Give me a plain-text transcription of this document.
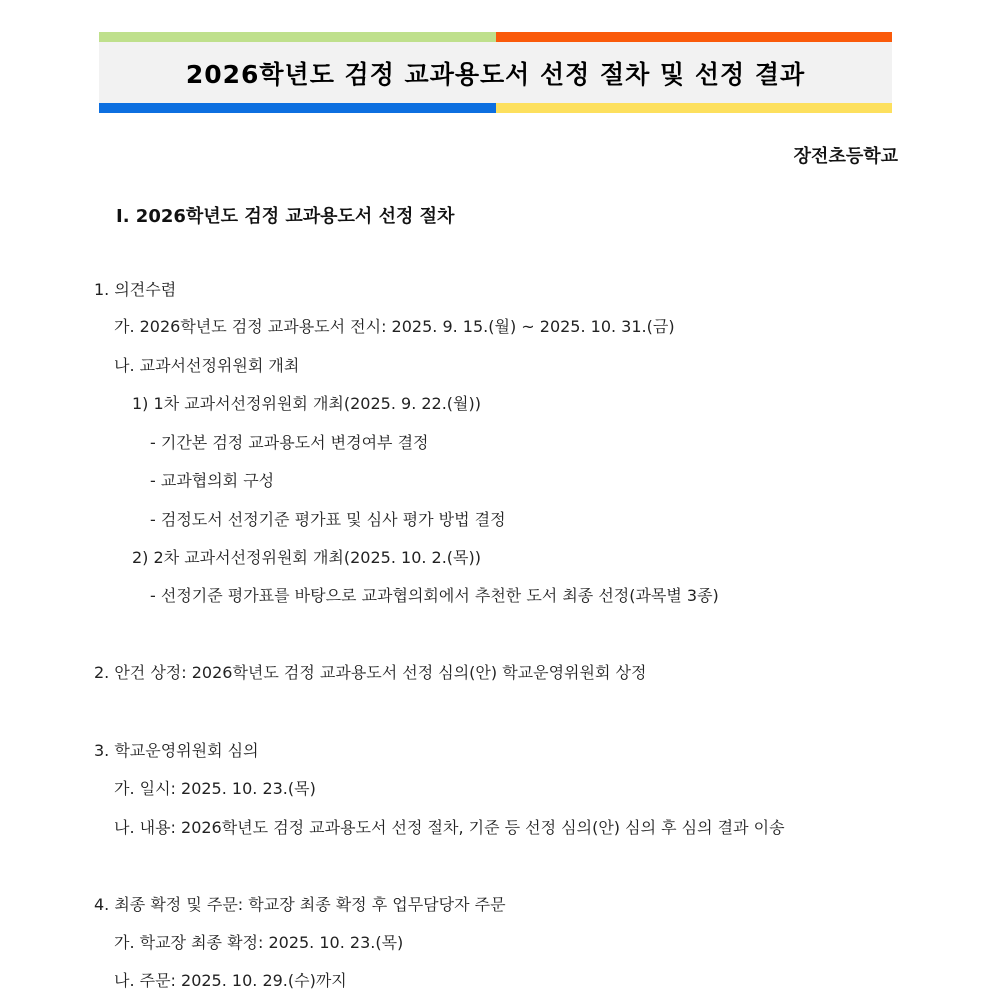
2026학년도 검정 교과용도서 선정 절차 및 선정 결과
장전초등학교
Ⅰ. 2026학년도 검정 교과용도서 선정 절차
1. 의견수렴
가. 2026학년도 검정 교과용도서 전시: 2025. 9. 15.(월) ~ 2025. 10. 31.(금)
나. 교과서선정위원회 개최
1) 1차 교과서선정위원회 개최(2025. 9. 22.(월))
- 기간본 검정 교과용도서 변경여부 결정
- 교과협의회 구성
- 검정도서 선정기준 평가표 및 심사 평가 방법 결정
2) 2차 교과서선정위원회 개최(2025. 10. 2.(목))
- 선정기준 평가표를 바탕으로 교과협의회에서 추천한 도서 최종 선정(과목별 3종)
2. 안건 상정: 2026학년도 검정 교과용도서 선정 심의(안) 학교운영위원회 상정
3. 학교운영위원회 심의
가. 일시: 2025. 10. 23.(목)
나. 내용: 2026학년도 검정 교과용도서 선정 절차, 기준 등 선정 심의(안) 심의 후 심의 결과 이송
4. 최종 확정 및 주문: 학교장 최종 확정 후 업무담당자 주문
가. 학교장 최종 확정: 2025. 10. 23.(목)
나. 주문: 2025. 10. 29.(수)까지
